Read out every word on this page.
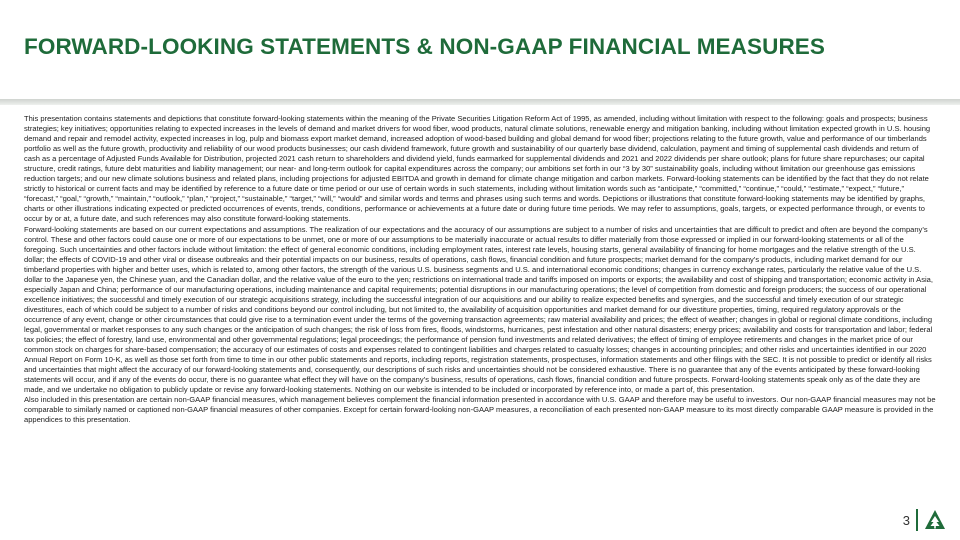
FORWARD-LOOKING STATEMENTS & NON-GAAP FINANCIAL MEASURES

This presentation contains statements and depictions that constitute forward-looking statements within the meaning of the Private Securities Litigation Reform Act of 1995, as amended, including without limitation with respect to the following: goals and prospects; business strategies; key initiatives; opportunities relating to expected increases in the levels of demand and market drivers for wood fiber, wood products, natural climate solutions, renewable energy and mitigation banking, including without limitation expected growth in U.S. housing demand and repair and remodel activity, expected increases in log, pulp and biomass export market demand, increased adoption of wood-based building and global demand for wood fiber; projections relating to the future growth, value and performance of our timberlands portfolio as well as the future growth, productivity and reliability of our wood products businesses; our cash dividend framework, future growth and sustainability of our quarterly base dividend, calculation, payment and timing of supplemental cash dividends and return of cash as a percentage of Adjusted Funds Available for Distribution, projected 2021 cash return to shareholders and dividend yield, funds earmarked for supplemental dividends and 2021 and 2022 dividends per share outlook; plans for future share repurchases; our capital structure, credit ratings, future debt maturities and liability management; our near- and long-term outlook for capital expenditures across the company; our ambitions set forth in our “3 by 30” sustainability goals, including without limitation our greenhouse gas emissions reduction targets; and our new climate solutions business and related plans, including projections for adjusted EBITDA and growth in demand for climate change mitigation and carbon markets. Forward-looking statements can be identified by the fact that they do not relate strictly to historical or current facts and may be identified by reference to a future date or time period or our use of certain words in such statements, including without limitation words such as “anticipate,” “committed,” “continue,” “could,” “estimate,” “expect,” “future,” “forecast,” “goal,” “growth,” “maintain,” “outlook,” “plan,” “project,” “sustainable,” “target,” “will,” “would” and similar words and terms and phrases using such terms and words. Depictions or illustrations that constitute forward-looking statements may be identified by graphs, charts or other illustrations indicating expected or predicted occurrences of events, trends, conditions, performance or achievements at a future date or during future time periods. We may refer to assumptions, goals, targets, or expected performance through, or events to occur by or at, a future date, and such references may also constitute forward-looking statements.

Forward-looking statements are based on our current expectations and assumptions. The realization of our expectations and the accuracy of our assumptions are subject to a number of risks and uncertainties that are difficult to predict and often are beyond the company’s control. These and other factors could cause one or more of our expectations to be unmet, one or more of our assumptions to be materially inaccurate or actual results to differ materially from those expressed or implied in our forward-looking statements or all of the foregoing. Such uncertainties and other factors include without limitation: the effect of general economic conditions, including employment rates, interest rate levels, housing starts, general availability of financing for home mortgages and the relative strength of the U.S. dollar; the effects of COVID-19 and other viral or disease outbreaks and their potential impacts on our business, results of operations, cash flows, financial condition and future prospects; market demand for the company’s products, including market demand for our timberland properties with higher and better uses, which is related to, among other factors, the strength of the various U.S. business segments and U.S. and international economic conditions; changes in currency exchange rates, particularly the relative value of the U.S. dollar to the Japanese yen, the Chinese yuan, and the Canadian dollar, and the relative value of the euro to the yen; restrictions on international trade and tariffs imposed on imports or exports; the availability and cost of shipping and transportation; economic activity in Asia, especially Japan and China; performance of our manufacturing operations, including maintenance and capital requirements; potential disruptions in our manufacturing operations; the level of competition from domestic and foreign producers; the success of our operational excellence initiatives; the successful and timely execution of our strategic acquisitions strategy, including the successful integration of our acquisitions and our ability to realize expected benefits and synergies, and the successful and timely execution of our strategic divestitures, each of which could be subject to a number of risks and conditions beyond our control including, but not limited to, the availability of acquisition opportunities and market demand for our divestiture properties, timing, required regulatory approvals or the occurrence of any event, change or other circumstances that could give rise to a termination event under the terms of the governing transaction agreements; raw material availability and prices; the effect of weather; changes in global or regional climate conditions, including legal, governmental or market responses to any such changes or the anticipation of such changes; the risk of loss from fires, floods, windstorms, hurricanes, pest infestation and other natural disasters; energy prices; availability and costs for transportation and labor; federal tax policies; the effect of forestry, land use, environmental and other governmental regulations; legal proceedings; the performance of pension fund investments and related derivatives; the effect of timing of employee retirements and changes in the market price of our common stock on charges for share-based compensation; the accuracy of our estimates of costs and expenses related to contingent liabilities and charges related to casualty losses; changes in accounting principles; and other risks and uncertainties identified in our 2020 Annual Report on Form 10-K, as well as those set forth from time to time in our other public statements and reports, including reports, registration statements, prospectuses, information statements and other filings with the SEC. It is not possible to predict or identify all risks and uncertainties that might affect the accuracy of our forward-looking statements and, consequently, our descriptions of such risks and uncertainties should not be considered exhaustive. There is no guarantee that any of the events anticipated by these forward-looking statements will occur, and if any of the events do occur, there is no guarantee what effect they will have on the company’s business, results of operations, cash flows, financial condition and future prospects. Forward-looking statements speak only as of the date they are made, and we undertake no obligation to publicly update or revise any forward-looking statements. Nothing on our website is intended to be included or incorporated by reference into, or made a part of, this presentation.

Also included in this presentation are certain non-GAAP financial measures, which management believes complement the financial information presented in accordance with U.S. GAAP and therefore may be useful to investors. Our non-GAAP financial measures may not be comparable to similarly named or captioned non-GAAP financial measures of other companies. Except for certain forward-looking non-GAAP measures, a reconciliation of each presented non-GAAP measure to its most directly comparable GAAP measure is provided in the appendices to this presentation.

3
